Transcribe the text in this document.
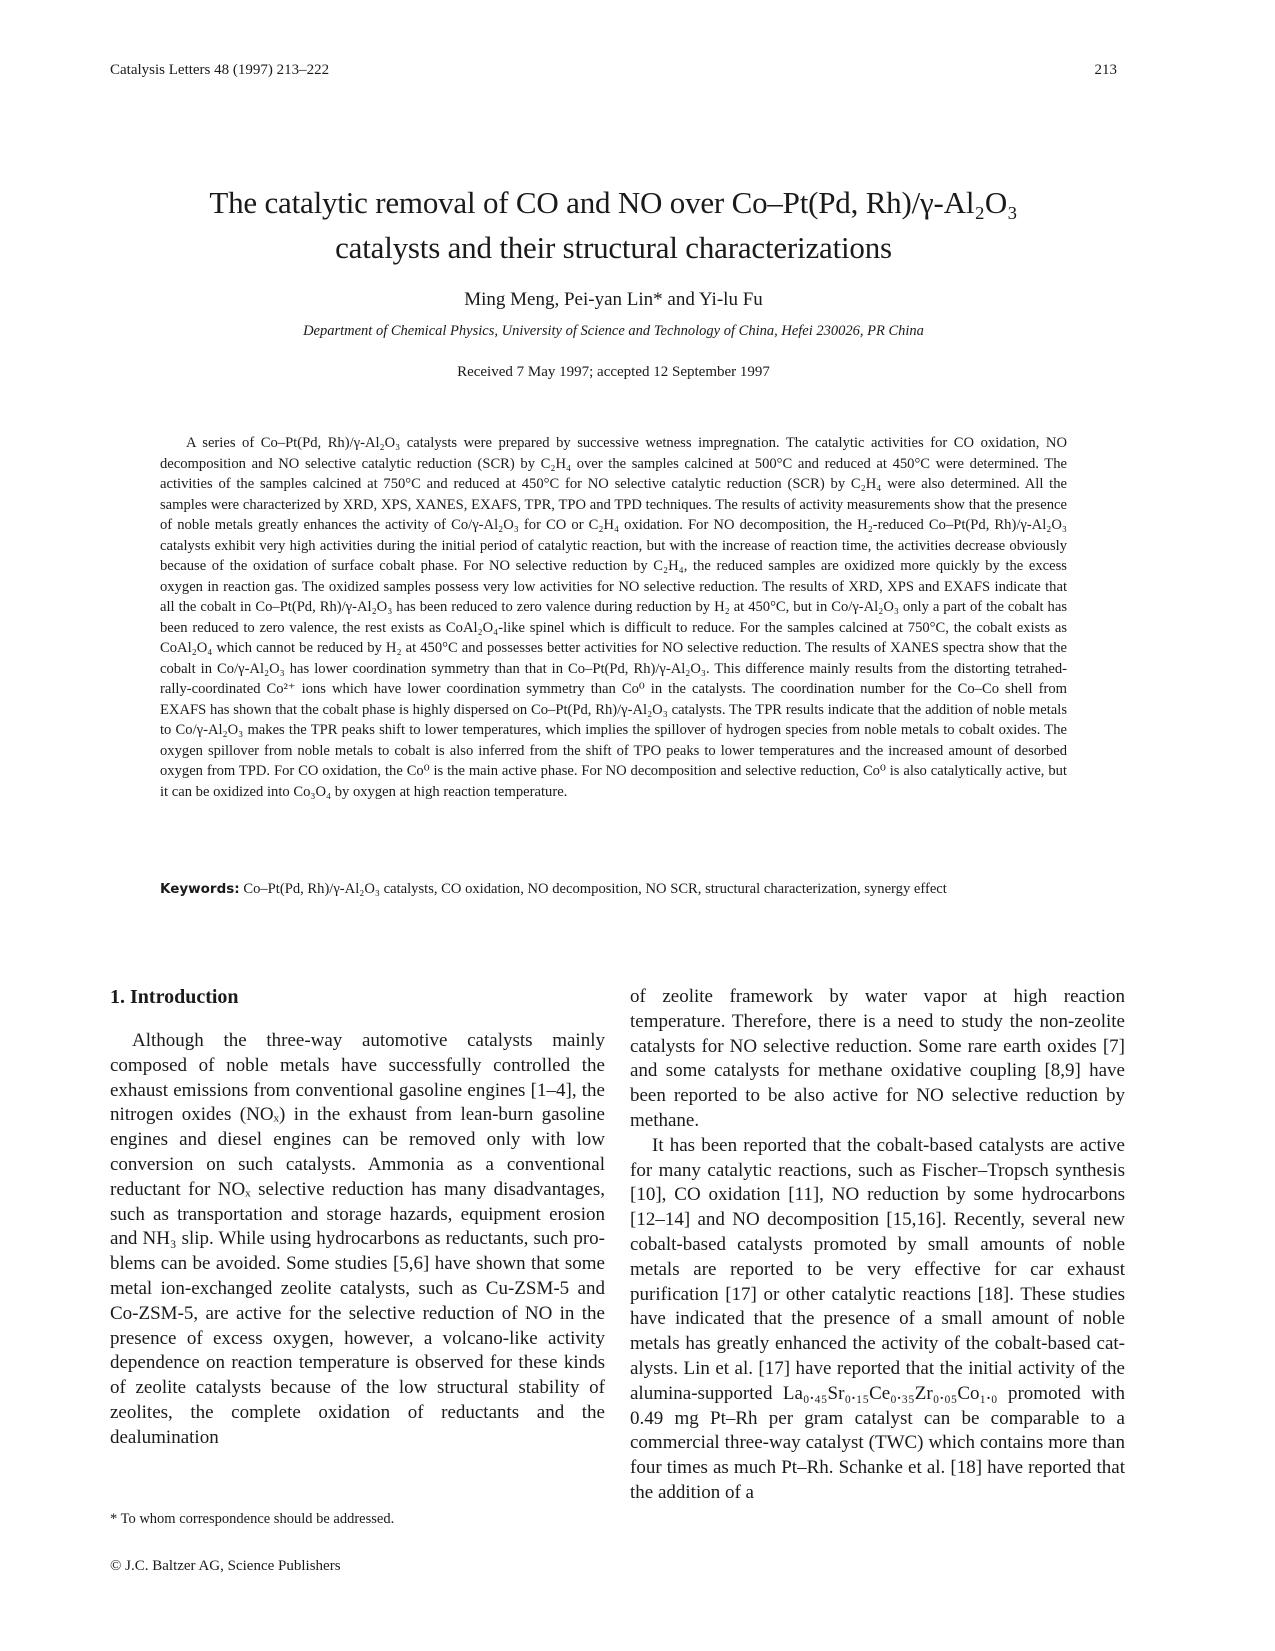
Catalysis Letters 48 (1997) 213–222	213
The catalytic removal of CO and NO over Co–Pt(Pd, Rh)/γ-Al₂O₃
catalysts and their structural characterizations
Ming Meng, Pei-yan Lin* and Yi-lu Fu
Department of Chemical Physics, University of Science and Technology of China, Hefei 230026, PR China
Received 7 May 1997; accepted 12 September 1997

A series of Co–Pt(Pd, Rh)/γ-Al₂O₃ catalysts were prepared by successive wetness impregnation. The catalytic activities for CO oxidation, NO decomposition and NO selective catalytic reduction (SCR) by C₂H₄ over the samples calcined at 500°C and reduced at 450°C were determined. The activities of the samples calcined at 750°C and reduced at 450°C for NO selective catalytic reduction (SCR) by C₂H₄ were also determined. All the samples were characterized by XRD, XPS, XANES, EXAFS, TPR, TPO and TPD techniques. The results of activity measurements show that the presence of noble metals greatly enhances the activity of Co/γ-Al₂O₃ for CO or C₂H₄ oxidation. For NO decomposition, the H₂-reduced Co–Pt(Pd, Rh)/γ-Al₂O₃ catalysts exhibit very high activities during the initial period of catalytic reaction, but with the increase of reaction time, the activities decrease obviously because of the oxidation of surface cobalt phase. For NO selective reduction by C₂H₄, the reduced samples are oxidized more quickly by the excess oxygen in reaction gas. The oxidized samples possess very low activities for NO selective reduction. The results of XRD, XPS and EXAFS indicate that all the cobalt in Co–Pt(Pd, Rh)/γ-Al₂O₃ has been reduced to zero valence during reduction by H₂ at 450°C, but in Co/γ-Al₂O₃ only a part of the cobalt has been reduced to zero valence, the rest exists as CoAl₂O₄-like spinel which is difficult to reduce. For the samples calcined at 750°C, the cobalt exists as CoAl₂O₄ which cannot be reduced by H₂ at 450°C and possesses better activities for NO selective reduction. The results of XANES spectra show that the cobalt in Co/γ-Al₂O₃ has lower coordination symmetry than that in Co–Pt(Pd, Rh)/γ-Al₂O₃. This difference mainly results from the distorting tetrahedrally-coordinated Co²⁺ ions which have lower coordination symmetry than Co⁰ in the catalysts. The coordination number for the Co–Co shell from EXAFS has shown that the cobalt phase is highly dispersed on Co–Pt(Pd, Rh)/γ-Al₂O₃ catalysts. The TPR results indicate that the addition of noble metals to Co/γ-Al₂O₃ makes the TPR peaks shift to lower temperatures, which implies the spillover of hydrogen species from noble metals to cobalt oxides. The oxygen spillover from noble metals to cobalt is also inferred from the shift of TPO peaks to lower temperatures and the increased amount of desorbed oxygen from TPD. For CO oxidation, the Co⁰ is the main active phase. For NO decomposition and selective reduction, Co⁰ is also catalytically active, but it can be oxidized into Co₃O₄ by oxygen at high reaction temperature.

Keywords: Co–Pt(Pd, Rh)/γ-Al₂O₃ catalysts, CO oxidation, NO decomposition, NO SCR, structural characterization, synergy effect

1. Introduction

Although the three-way automotive catalysts mainly composed of noble metals have successfully controlled the exhaust emissions from conventional gasoline engines [1–4], the nitrogen oxides (NOₓ) in the exhaust from lean-burn gasoline engines and diesel engines can be removed only with low conversion on such catalysts. Ammonia as a conventional reductant for NOₓ selective reduction has many disadvantages, such as transportation and storage hazards, equipment erosion and NH₃ slip. While using hydrocarbons as reductants, such problems can be avoided. Some studies [5,6] have shown that some metal ion-exchanged zeolite catalysts, such as Cu-ZSM-5 and Co-ZSM-5, are active for the selective reduction of NO in the presence of excess oxygen, however, a volcano-like activity dependence on reaction temperature is observed for these kinds of zeolite catalysts because of the low structural stability of zeolites, the complete oxidation of reductants and the dealumination

of zeolite framework by water vapor at high reaction temperature. Therefore, there is a need to study the non-zeolite catalysts for NO selective reduction. Some rare earth oxides [7] and some catalysts for methane oxidative coupling [8,9] have been reported to be also active for NO selective reduction by methane.

It has been reported that the cobalt-based catalysts are active for many catalytic reactions, such as Fischer–Tropsch synthesis [10], CO oxidation [11], NO reduction by some hydrocarbons [12–14] and NO decomposition [15,16]. Recently, several new cobalt-based catalysts promoted by small amounts of noble metals are reported to be very effective for car exhaust purification [17] or other catalytic reactions [18]. These studies have indicated that the presence of a small amount of noble metals has greatly enhanced the activity of the cobalt-based catalysts. Lin et al. [17] have reported that the initial activity of the alumina-supported La₀.₄₅Sr₀.₁₅Ce₀.₃₅Zr₀.₀₅Co₁.₀ promoted with 0.49 mg Pt–Rh per gram catalyst can be comparable to a commercial three-way catalyst (TWC) which contains more than four times as much Pt–Rh. Schanke et al. [18] have reported that the addition of a

* To whom correspondence should be addressed.
© J.C. Baltzer AG, Science Publishers
